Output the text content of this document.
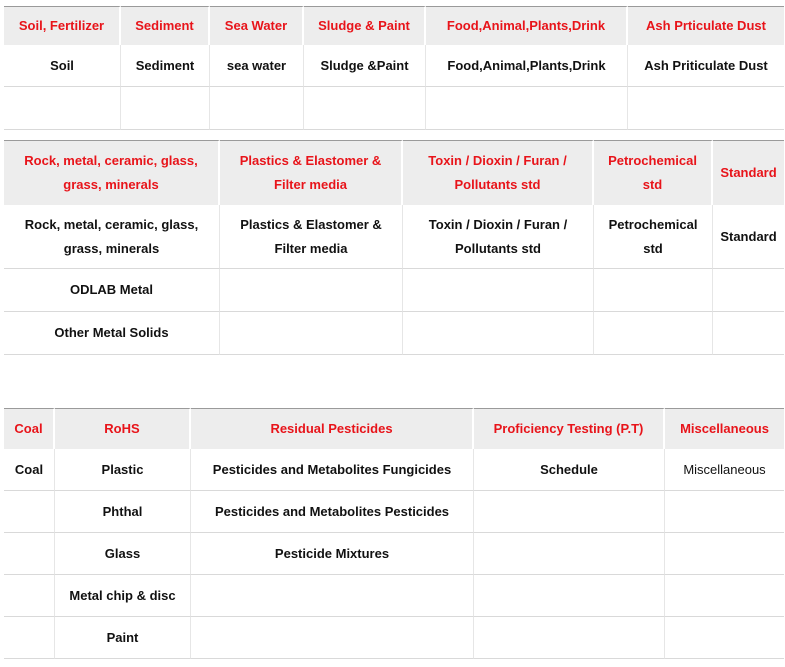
Soil, Fertilizer	Sediment	Sea Water	Sludge & Paint	Food,Animal,Plants,Drink	Ash Prticulate Dust
Soil	Sediment	sea water	Sludge &Paint	Food,Animal,Plants,Drink	Ash Priticulate Dust

Rock, metal, ceramic, glass, grass, minerals	Plastics & Elastomer & Filter media	Toxin / Dioxin / Furan / Pollutants std	Petrochemical std	Standard
Rock, metal, ceramic, glass, grass, minerals	Plastics & Elastomer & Filter media	Toxin / Dioxin / Furan / Pollutants std	Petrochemical std	Standard
ODLAB Metal				
Other Metal Solids				
Coal	RoHS	Residual Pesticides	Proficiency Testing (P.T)	Miscellaneous
Coal	Plastic	Pesticides and Metabolites Fungicides	Schedule	Miscellaneous
	Phthal	Pesticides and Metabolites Pesticides		
	Glass	Pesticide Mixtures		
	Metal chip & disc			
	Paint			
